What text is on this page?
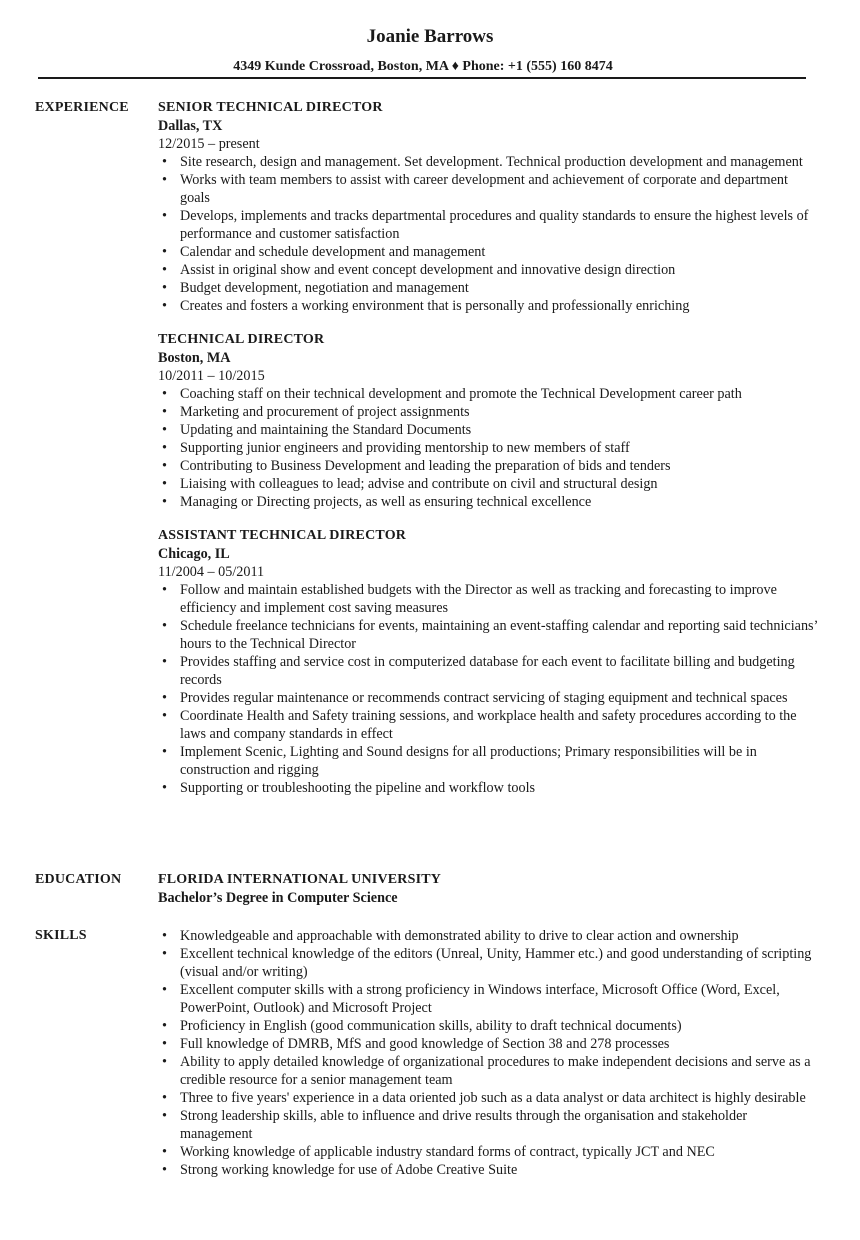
Joanie Barrows
4349 Kunde Crossroad, Boston, MA ♦ Phone: +1 (555) 160 8474
EXPERIENCE SENIOR TECHNICAL DIRECTOR
Dallas, TX
12/2015 – present
• Site research, design and management. Set development. Technical production development and management
• Works with team members to assist with career development and achievement of corporate and department goals
• Develops, implements and tracks departmental procedures and quality standards to ensure the highest levels of performance and customer satisfaction
• Calendar and schedule development and management
• Assist in original show and event concept development and innovative design direction
• Budget development, negotiation and management
• Creates and fosters a working environment that is personally and professionally enriching
TECHNICAL DIRECTOR
Boston, MA
10/2011 – 10/2015
• Coaching staff on their technical development and promote the Technical Development career path
• Marketing and procurement of project assignments
• Updating and maintaining the Standard Documents
• Supporting junior engineers and providing mentorship to new members of staff
• Contributing to Business Development and leading the preparation of bids and tenders
• Liaising with colleagues to lead; advise and contribute on civil and structural design
• Managing or Directing projects, as well as ensuring technical excellence
ASSISTANT TECHNICAL DIRECTOR
Chicago, IL
11/2004 – 05/2011
• Follow and maintain established budgets with the Director as well as tracking and forecasting to improve efficiency and implement cost saving measures
• Schedule freelance technicians for events, maintaining an event-staffing calendar and reporting said technicians’ hours to the Technical Director
• Provides staffing and service cost in computerized database for each event to facilitate billing and budgeting records
• Provides regular maintenance or recommends contract servicing of staging equipment and technical spaces
• Coordinate Health and Safety training sessions, and workplace health and safety procedures according to the laws and company standards in effect
• Implement Scenic, Lighting and Sound designs for all productions; Primary responsibilities will be in construction and rigging
• Supporting or troubleshooting the pipeline and workflow tools
EDUCATION	FLORIDA INTERNATIONAL UNIVERSITY
Bachelor’s Degree in Computer Science
SKILLS
•	Knowledgeable and approachable with demonstrated ability to drive to clear action and ownership
• Excellent technical knowledge of the editors (Unreal, Unity, Hammer etc.) and good understanding of scripting (visual and/or writing)
• Excellent computer skills with a strong proficiency in Windows interface, Microsoft Office (Word, Excel, PowerPoint, Outlook) and Microsoft Project
• Proficiency in English (good communication skills, ability to draft technical documents)
• Full knowledge of DMRB, MfS and good knowledge of Section 38 and 278 processes
• Ability to apply detailed knowledge of organizational procedures to make independent decisions and serve as a credible resource for a senior management team
• Three to five years' experience in a data oriented job such as a data analyst or data architect is highly desirable
• Strong leadership skills, able to influence and drive results through the organisation and stakeholder management
• Working knowledge of applicable industry standard forms of contract, typically JCT and NEC
• Strong working knowledge for use of Adobe Creative Suite
